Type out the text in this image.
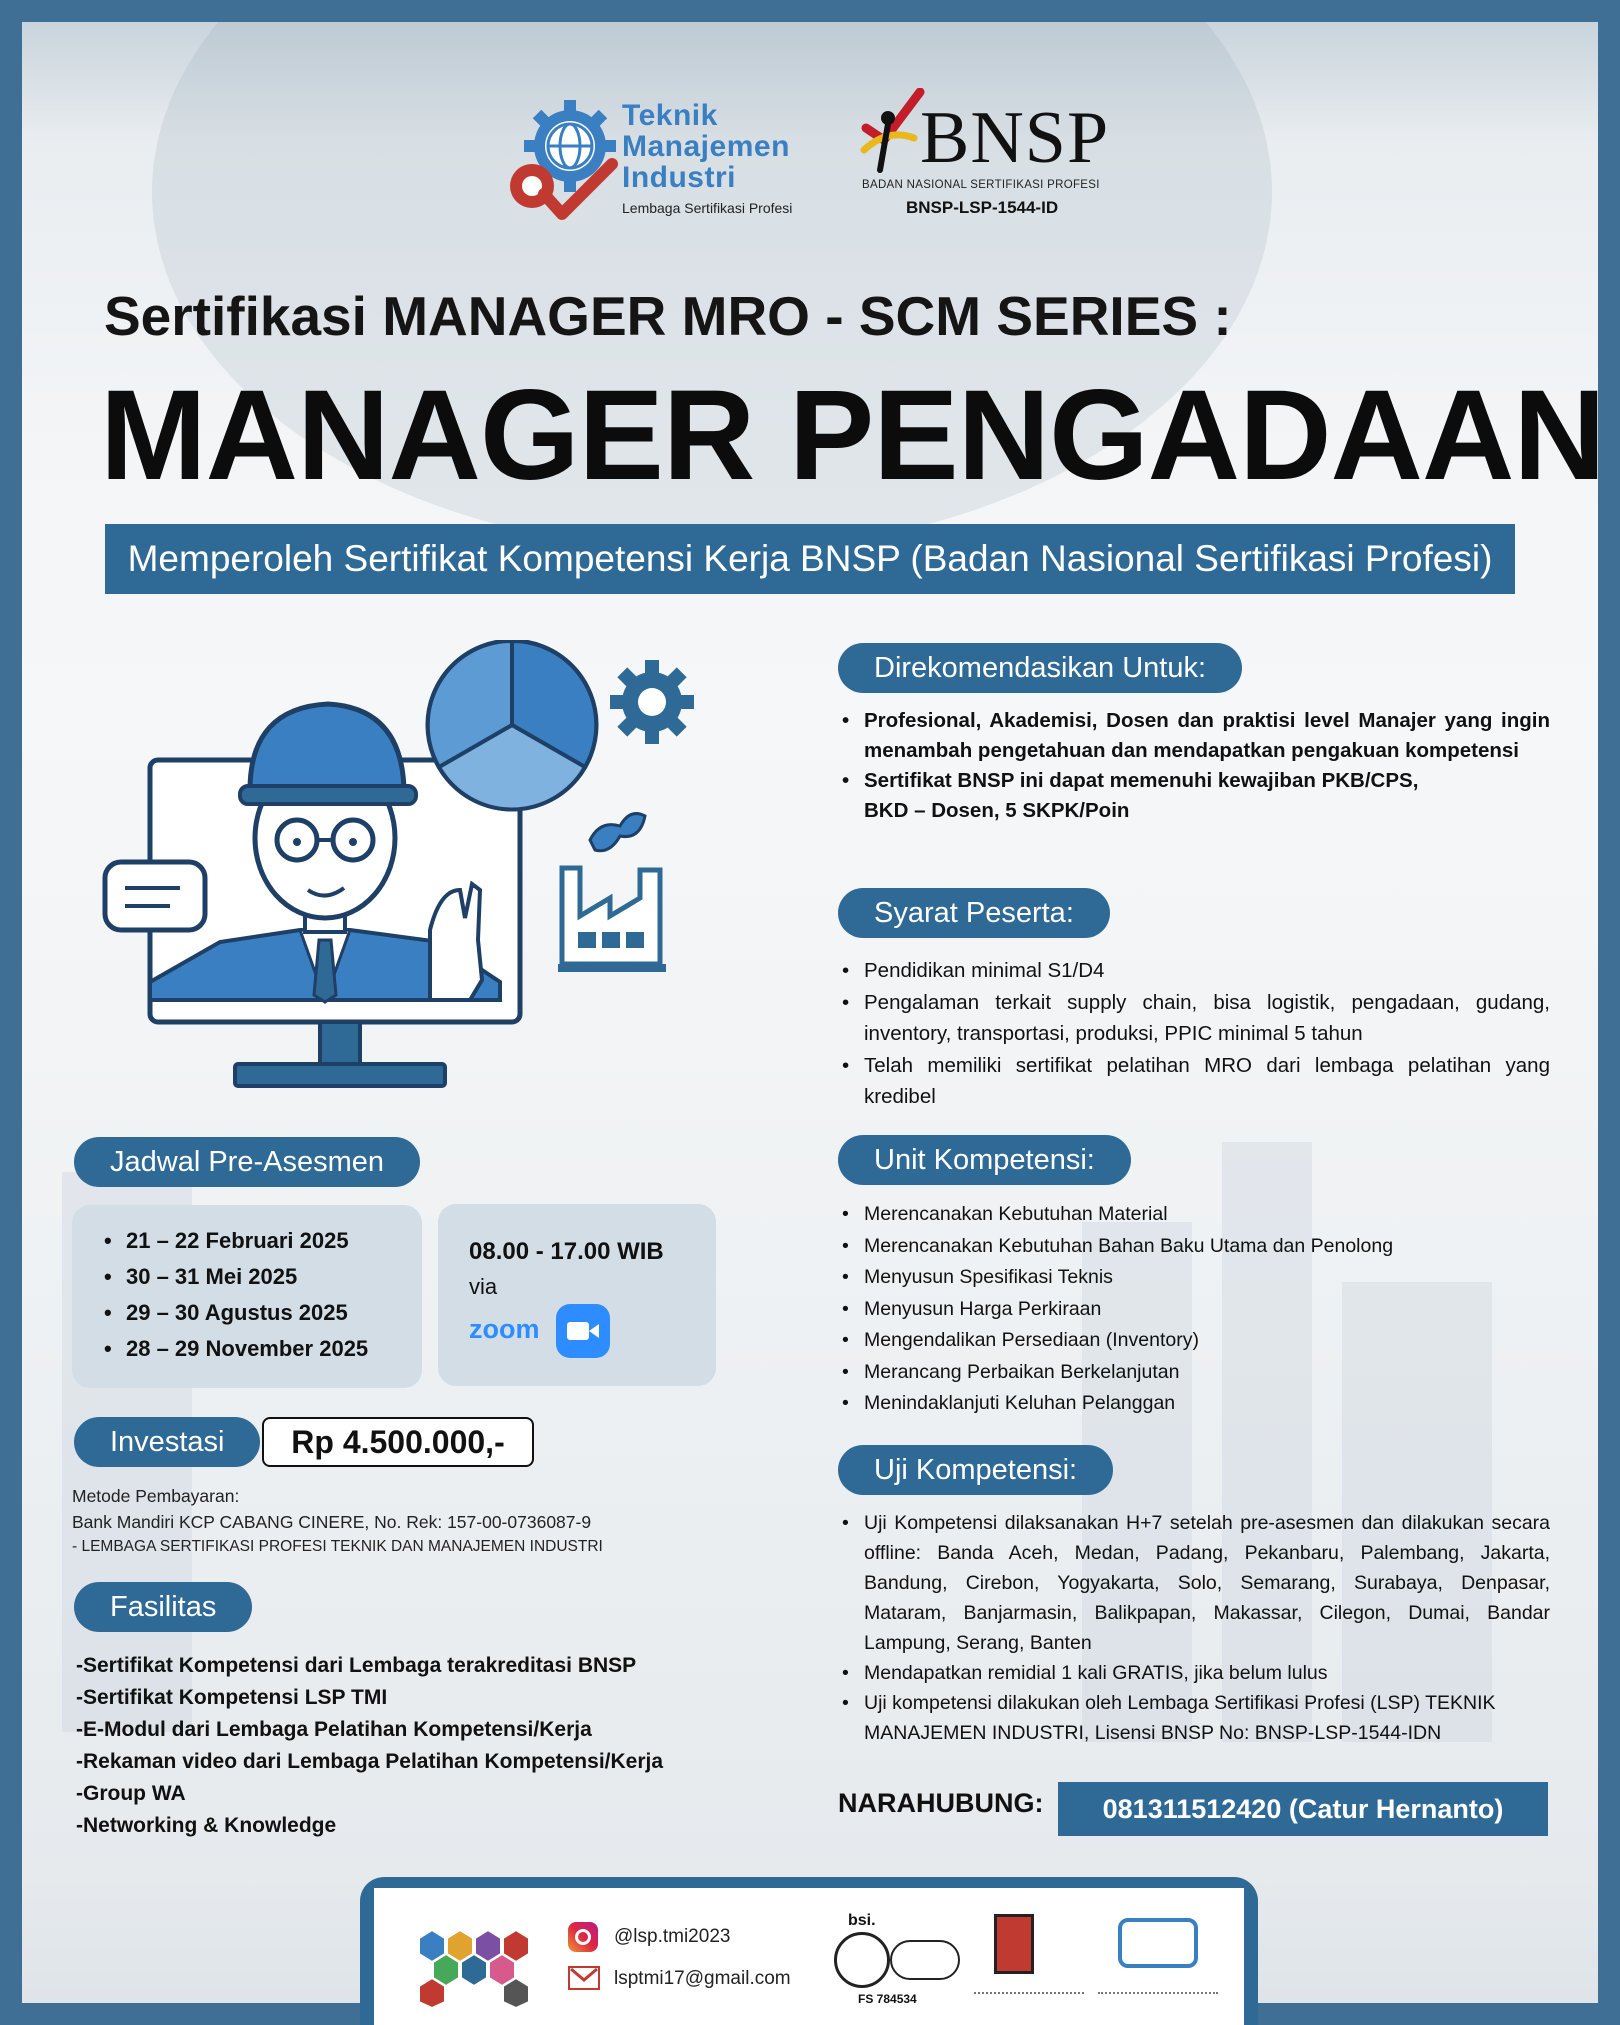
Teknik
Manajemen
Industri
Lembaga Sertifikasi Profesi
BNSP
BADAN NASIONAL SERTIFIKASI PROFESI
BNSP-LSP-1544-ID
Sertifikasi MANAGER MRO - SCM SERIES :
MANAGER PENGADAAN
Memperoleh Sertifikat Kompetensi Kerja BNSP (Badan Nasional Sertifikasi Profesi)
Direkomendasikan Untuk:
• Profesional, Akademisi, Dosen dan praktisi level Manajer yang ingin menambah pengetahuan dan mendapatkan pengakuan kompetensi
• Sertifikat BNSP ini dapat memenuhi kewajiban PKB/CPS, BKD – Dosen, 5 SKPK/Poin
Syarat Peserta:
• Pendidikan minimal S1/D4
• Pengalaman terkait supply chain, bisa logistik, pengadaan, gudang, inventory, transportasi, produksi, PPIC minimal 5 tahun
• Telah memiliki sertifikat pelatihan MRO dari lembaga pelatihan yang kredibel
Unit Kompetensi:
• Merencanakan Kebutuhan Material
• Merencanakan Kebutuhan Bahan Baku Utama dan Penolong
• Menyusun Spesifikasi Teknis
• Menyusun Harga Perkiraan
• Mengendalikan Persediaan (Inventory)
• Merancang Perbaikan Berkelanjutan
• Menindaklanjuti Keluhan Pelanggan
Uji Kompetensi:
• Uji Kompetensi dilaksanakan H+7 setelah pre-asesmen dan dilakukan secara offline: Banda Aceh, Medan, Padang, Pekanbaru, Palembang, Jakarta, Bandung, Cirebon, Yogyakarta, Solo, Semarang, Surabaya, Denpasar, Mataram, Banjarmasin, Balikpapan, Makassar, Cilegon, Dumai, Bandar Lampung, Serang, Banten
• Mendapatkan remidial 1 kali GRATIS, jika belum lulus
• Uji kompetensi dilakukan oleh Lembaga Sertifikasi Profesi (LSP) TEKNIK MANAJEMEN INDUSTRI, Lisensi BNSP No: BNSP-LSP-1544-IDN
NARAHUBUNG:	081311512420 (Catur Hernanto)
Jadwal Pre-Asesmen
• 21 – 22 Februari 2025
• 30 – 31 Mei 2025
• 29 – 30 Agustus 2025
• 28 – 29 November 2025
08.00 - 17.00 WIB
via
zoom
Investasi	Rp 4.500.000,-
Metode Pembayaran:
Bank Mandiri KCP CABANG CINERE, No. Rek: 157-00-0736087-9
- LEMBAGA SERTIFIKASI PROFESI TEKNIK DAN MANAJEMEN INDUSTRI
Fasilitas
-Sertifikat Kompetensi dari Lembaga terakreditasi BNSP
-Sertifikat Kompetensi LSP TMI
-E-Modul dari Lembaga Pelatihan Kompetensi/Kerja
-Rekaman video dari Lembaga Pelatihan Kompetensi/Kerja
-Group WA
-Networking & Knowledge
@lsp.tmi2023
lsptmi17@gmail.com
bsi.
FS 784534
